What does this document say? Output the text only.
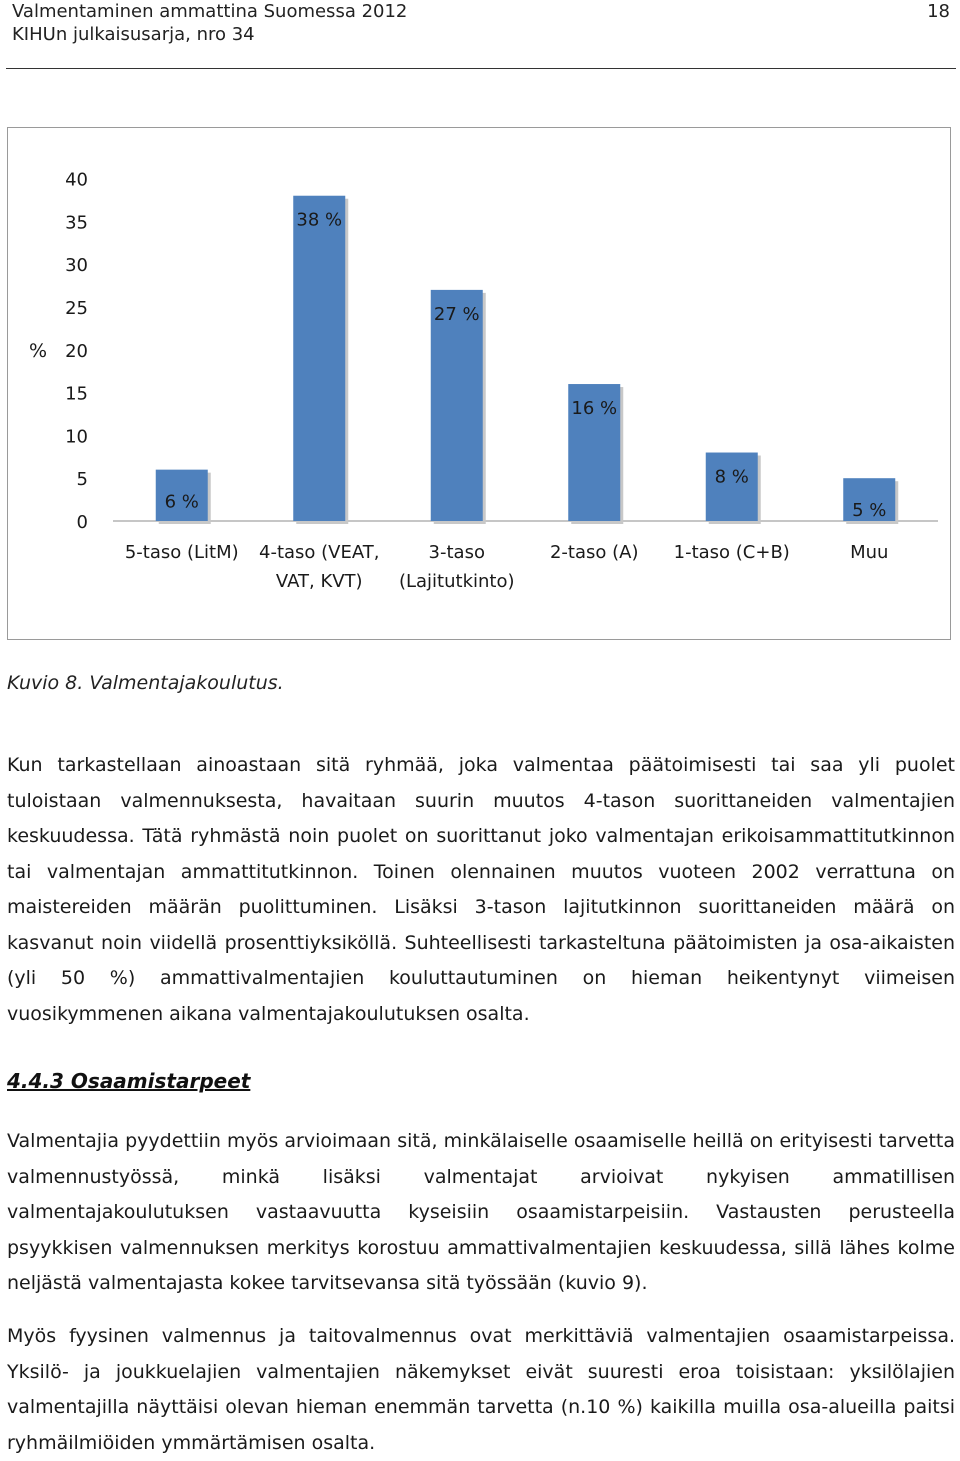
Valmentaminen ammattina Suomessa 2012
KIHUn julkaisusarja, nro 34
18
0
5
10
15
20
25
30
35
40
%
6 %
5-taso (LitM)
38 %
4-taso (VEAT,
VAT, KVT)
27 %
3-taso
(Lajitutkinto)
16 %
2-taso (A)
8 %
1-taso (C+B)
5 %
Muu
Kuvio 8. Valmentajakoulutus.

Kun tarkastellaan ainoastaan sitä ryhmää, joka valmentaa päätoimisesti tai saa yli puolet tuloistaan valmennuksesta, havaitaan suurin muutos 4-tason suorittaneiden valmentajien keskuudessa. Tätä ryhmästä noin puolet on suorittanut joko valmentajan erikoisammattitutkinnon tai valmentajan ammattitutkinnon. Toinen olennainen muutos vuoteen 2002 verrattuna on maistereiden määrän puolittuminen. Lisäksi 3-tason lajitutkinnon suorittaneiden määrä on kasvanut noin viidellä prosenttiyksiköllä. Suhteellisesti tarkasteltuna päätoimisten ja osa-aikaisten (yli 50 %) ammattivalmentajien kouluttautuminen on hieman heikentynyt viimeisen vuosikymmenen aikana valmentajakoulutuksen osalta.

4.4.3 Osaamistarpeet

Valmentajia pyydettiin myös arvioimaan sitä, minkälaiselle osaamiselle heillä on erityisesti tarvetta valmennustyössä, minkä lisäksi valmentajat arvioivat nykyisen ammatillisen valmentajakoulutuksen vastaavuutta kyseisiin osaamistarpeisiin. Vastausten perusteella psyykkisen valmennuksen merkitys korostuu ammattivalmentajien keskuudessa, sillä lähes kolme neljästä valmentajasta kokee tarvitsevansa sitä työssään (kuvio 9).

Myös fyysinen valmennus ja taitovalmennus ovat merkittäviä valmentajien osaamistarpeissa. Yksilö- ja joukkuelajien valmentajien näkemykset eivät suuresti eroa toisistaan: yksilölajien valmentajilla näyttäisi olevan hieman enemmän tarvetta (n.10 %) kaikilla muilla osa-alueilla paitsi ryhmäilmiöiden ymmärtämisen osalta.
